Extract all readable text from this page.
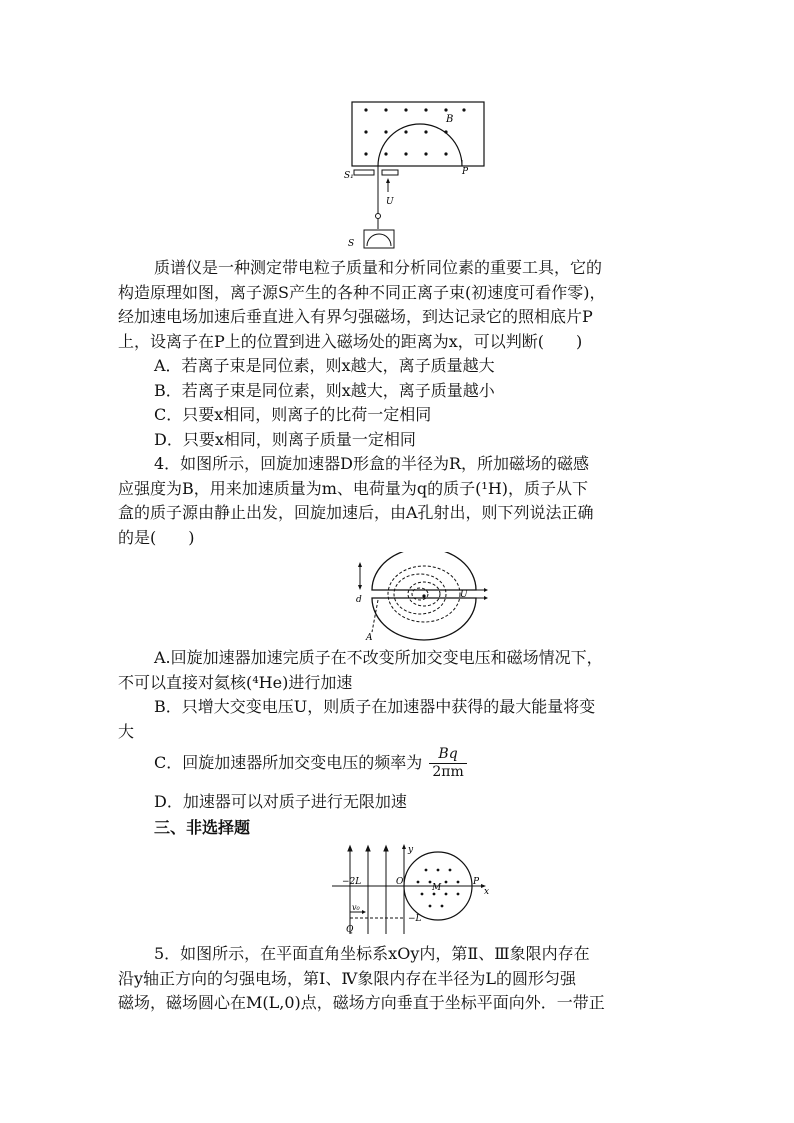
B
S₁	P
U
S
质谱仪是一种测定带电粒子质量和分析同位素的重要工具，它的
构造原理如图，离子源S产生的各种不同正离子束(初速度可看作零)，
经加速电场加速后垂直进入有界匀强磁场，到达记录它的照相底片P
上，设离子在P上的位置到进入磁场处的距离为x，可以判断(　　)
A．若离子束是同位素，则x越大，离子质量越大
B．若离子束是同位素，则x越大，离子质量越小
C．只要x相同，则离子的比荷一定相同
D．只要x相同，则离子质量一定相同
4．如图所示，回旋加速器D形盒的半径为R，所加磁场的磁感
应强度为B，用来加速质量为m、电荷量为q的质子(¹H)，质子从下
盒的质子源由静止出发，回旋加速后，由A孔射出，则下列说法正确
的是(　　)
d	U
A
A.回旋加速器加速完质子在不改变所加交变电压和磁场情况下，
不可以直接对氦核(⁴He)进行加速
B．只增大交变电压U，则质子在加速器中获得的最大能量将变
大
C．回旋加速器所加交变电压的频率为 $\frac{Bq}{2\pi m}$
D．加速器可以对质子进行无限加速
三、非选择题
y
x
−2L	O
M
P
−L
v₀
Q
5．如图所示，在平面直角坐标系xOy内，第Ⅱ、Ⅲ象限内存在
沿y轴正方向的匀强电场，第Ⅰ、Ⅳ象限内存在半径为L的圆形匀强
磁场，磁场圆心在M(L,0)点，磁场方向垂直于坐标平面向外．一带正
